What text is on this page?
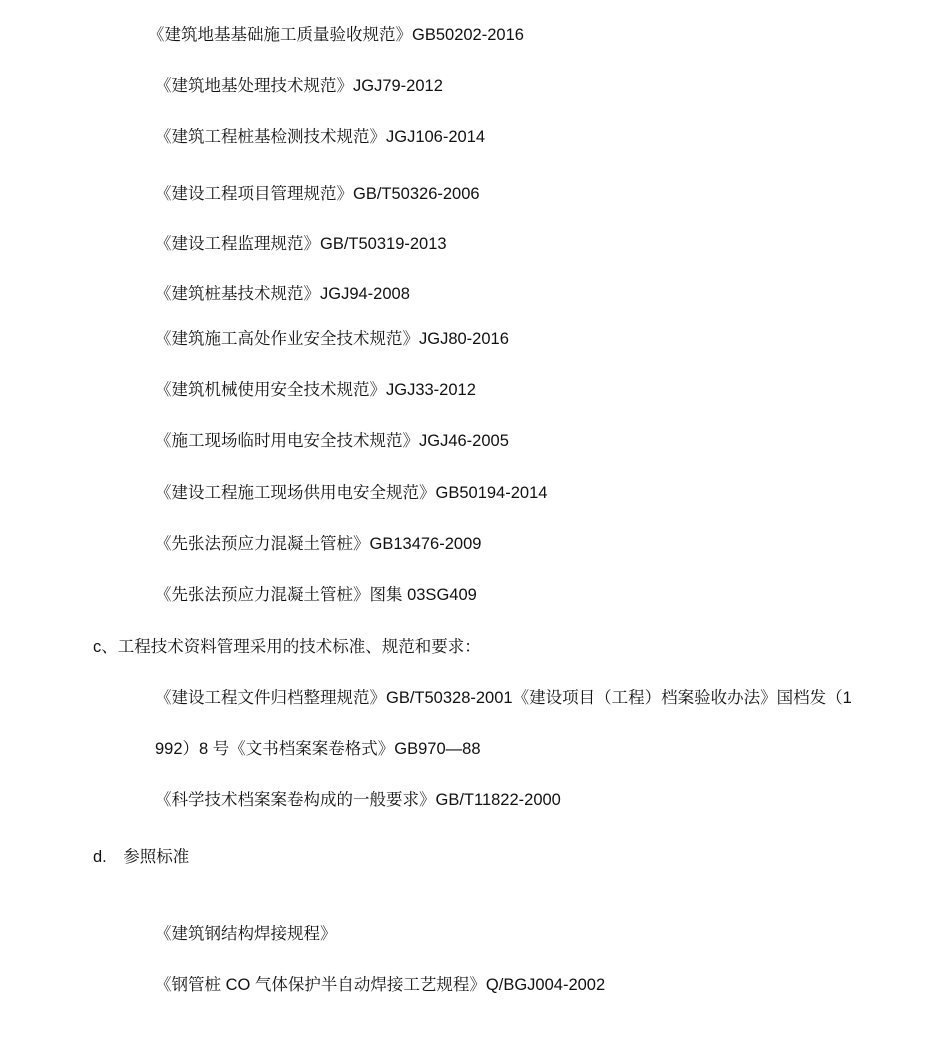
《建筑地基基础施工质量验收规范》GB50202-2016
《建筑地基处理技术规范》JGJ79-2012
《建筑工程桩基检测技术规范》JGJ106-2014
《建设工程项目管理规范》GB/T50326-2006
《建设工程监理规范》GB/T50319-2013
《建筑桩基技术规范》JGJ94-2008
《建筑施工高处作业安全技术规范》JGJ80-2016
《建筑机械使用安全技术规范》JGJ33-2012
《施工现场临时用电安全技术规范》JGJ46-2005
《建设工程施工现场供用电安全规范》GB50194-2014
《先张法预应力混凝土管桩》GB13476-2009
《先张法预应力混凝土管桩》图集 03SG409
c、工程技术资料管理采用的技术标准、规范和要求：
《建设工程文件归档整理规范》GB/T50328-2001《建设项目（工程）档案验收办法》国档发（1
992）8 号《文书档案案卷格式》GB970—88
《科学技术档案案卷构成的一般要求》GB/T11822-2000
d.　参照标准
《建筑钢结构焊接规程》
《钢管桩 CO 气体保护半自动焊接工艺规程》Q/BGJ004-2002
